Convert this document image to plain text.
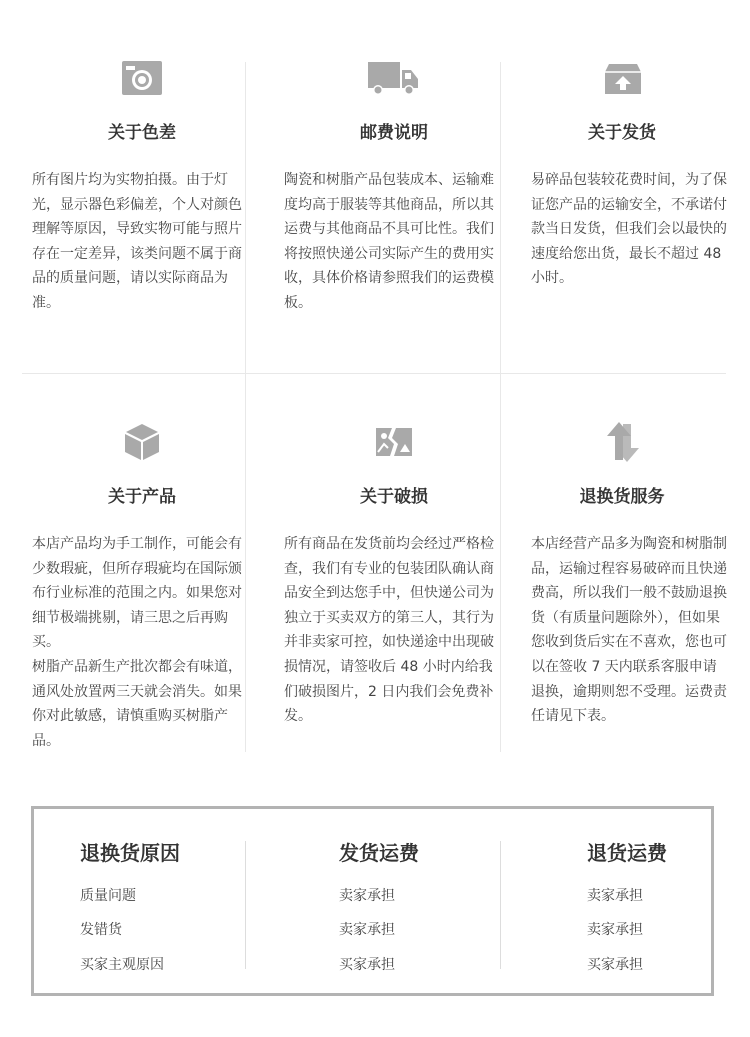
关于色差

所有图片均为实物拍摄。由于灯光，显示器色彩偏差，个人对颜色理解等原因，导致实物可能与照片存在一定差异，该类问题不属于商品的质量问题，请以实际商品为准。

邮费说明

陶瓷和树脂产品包装成本、运输难度均高于服装等其他商品，所以其运费与其他商品不具可比性。我们将按照快递公司实际产生的费用实收，具体价格请参照我们的运费模板。

关于发货

易碎品包装较花费时间，为了保证您产品的运输安全，不承诺付款当日发货，但我们会以最快的速度给您出货，最长不超过 48 小时。

关于产品

本店产品均为手工制作，可能会有少数瑕疵，但所存瑕疵均在国际颁布行业标准的范围之内。如果您对细节极端挑剔，请三思之后再购买。

树脂产品新生产批次都会有味道，通风处放置两三天就会消失。如果你对此敏感，请慎重购买树脂产品。

关于破损

所有商品在发货前均会经过严格检查，我们有专业的包装团队确认商品安全到达您手中，但快递公司为独立于买卖双方的第三人，其行为并非卖家可控，如快递途中出现破损情况，请签收后 48 小时内给我们破损图片，2 日内我们会免费补发。

退换货服务

本店经营产品多为陶瓷和树脂制品，运输过程容易破碎而且快递费高，所以我们一般不鼓励退换货（有质量问题除外），但如果您收到货后实在不喜欢，您也可以在签收 7 天内联系客服申请退换，逾期则恕不受理。运费责任请见下表。

退换货原因
质量问题
发错货
买家主观原因
发货运费
卖家承担
卖家承担
买家承担
退货运费
卖家承担
卖家承担
买家承担
